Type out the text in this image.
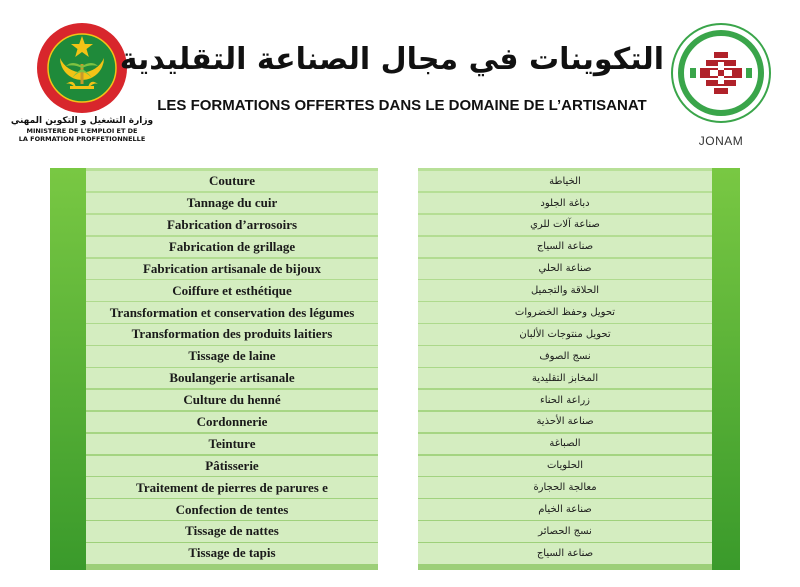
وزارة التشغيل و التكوين المهني
MINISTERE DE L'EMPLOI ET DE
LA FORMATION PROFFETIONNELLE
التكوينات في مجال الصناعة التقليدية
LES FORMATIONS OFFERTES DANS LE DOMAINE DE L’ARTISANAT
JONAM
Couture
Tannage du cuir
Fabrication d’arrosoirs
Fabrication de grillage
Fabrication artisanale de bijoux
Coiffure et esthétique
Transformation et conservation des légumes
Transformation des produits laitiers
Tissage de laine
Boulangerie artisanale
Culture du henné
Cordonnerie
Teinture
Pâtisserie
Traitement de pierres de parures e
Confection de tentes
Tissage de nattes
Tissage de tapis
الخياطة
دباغة الجلود
صناعة آلات للري
صناعة السياج
صناعة الحلي
الحلاقة والتجميل
تحويل وحفظ الخضروات
تحويل منتوجات الألبان
نسج الصوف
المخابز التقليدية
زراعة الحناء
صناعة الأحذية
الصباغة
الحلويات
معالجة الحجارة
صناعة الخيام
نسج الحصائر
صناعة السياج
